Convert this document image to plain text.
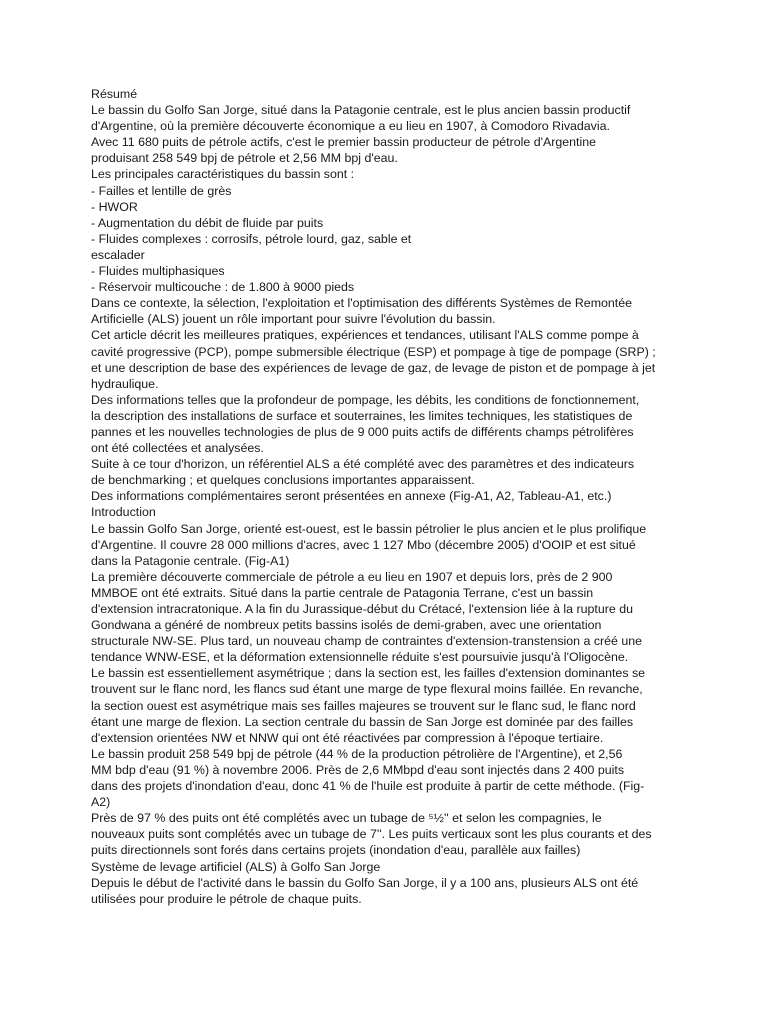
Résumé
Le bassin du Golfo San Jorge, situé dans la Patagonie centrale, est le plus ancien bassin productif
d'Argentine, où la première découverte économique a eu lieu en 1907, à Comodoro Rivadavia.
Avec 11 680 puits de pétrole actifs, c'est le premier bassin producteur de pétrole d'Argentine
produisant 258 549 bpj de pétrole et 2,56 MM bpj d'eau.
Les principales caractéristiques du bassin sont :
- Failles et lentille de grès
- HWOR
- Augmentation du débit de fluide par puits
- Fluides complexes : corrosifs, pétrole lourd, gaz, sable et
escalader
- Fluides multiphasiques
- Réservoir multicouche : de 1.800 à 9000 pieds
Dans ce contexte, la sélection, l'exploitation et l'optimisation des différents Systèmes de Remontée
Artificielle (ALS) jouent un rôle important pour suivre l'évolution du bassin.
Cet article décrit les meilleures pratiques, expériences et tendances, utilisant l'ALS comme pompe à
cavité progressive (PCP), pompe submersible électrique (ESP) et pompage à tige de pompage (SRP) ;
et une description de base des expériences de levage de gaz, de levage de piston et de pompage à jet
hydraulique.
Des informations telles que la profondeur de pompage, les débits, les conditions de fonctionnement,
la description des installations de surface et souterraines, les limites techniques, les statistiques de
pannes et les nouvelles technologies de plus de 9 000 puits actifs de différents champs pétrolifères
ont été collectées et analysées.
Suite à ce tour d'horizon, un référentiel ALS a été complété avec des paramètres et des indicateurs
de benchmarking ; et quelques conclusions importantes apparaissent.
Des informations complémentaires seront présentées en annexe (Fig-A1, A2, Tableau-A1, etc.)
Introduction
Le bassin Golfo San Jorge, orienté est-ouest, est le bassin pétrolier le plus ancien et le plus prolifique
d'Argentine. Il couvre 28 000 millions d'acres, avec 1 127 Mbo (décembre 2005) d'OOIP et est situé
dans la Patagonie centrale. (Fig-A1)
La première découverte commerciale de pétrole a eu lieu en 1907 et depuis lors, près de 2 900
MMBOE ont été extraits. Situé dans la partie centrale de Patagonia Terrane, c'est un bassin
d'extension intracratonique. A la fin du Jurassique-début du Crétacé, l'extension liée à la rupture du
Gondwana a généré de nombreux petits bassins isolés de demi-graben, avec une orientation
structurale NW-SE. Plus tard, un nouveau champ de contraintes d'extension-transtension a créé une
tendance WNW-ESE, et la déformation extensionnelle réduite s'est poursuivie jusqu'à l'Oligocène.
Le bassin est essentiellement asymétrique ; dans la section est, les failles d'extension dominantes se
trouvent sur le flanc nord, les flancs sud étant une marge de type flexural moins faillée. En revanche,
la section ouest est asymétrique mais ses failles majeures se trouvent sur le flanc sud, le flanc nord
étant une marge de flexion. La section centrale du bassin de San Jorge est dominée par des failles
d'extension orientées NW et NNW qui ont été réactivées par compression à l'époque tertiaire.
Le bassin produit 258 549 bpj de pétrole (44 % de la production pétrolière de l'Argentine), et 2,56
MM bdp d'eau (91 %) à novembre 2006. Près de 2,6 MMbpd d'eau sont injectés dans 2 400 puits
dans des projets d'inondation d'eau, donc 41 % de l'huile est produite à partir de cette méthode. (Fig-
A2)
Près de 97 % des puits ont été complétés avec un tubage de ⁵½'' et selon les compagnies, le
nouveaux puits sont complétés avec un tubage de 7''. Les puits verticaux sont les plus courants et des
puits directionnels sont forés dans certains projets (inondation d'eau, parallèle aux failles)
Système de levage artificiel (ALS) à Golfo San Jorge
Depuis le début de l'activité dans le bassin du Golfo San Jorge, il y a 100 ans, plusieurs ALS ont été
utilisées pour produire le pétrole de chaque puits.
